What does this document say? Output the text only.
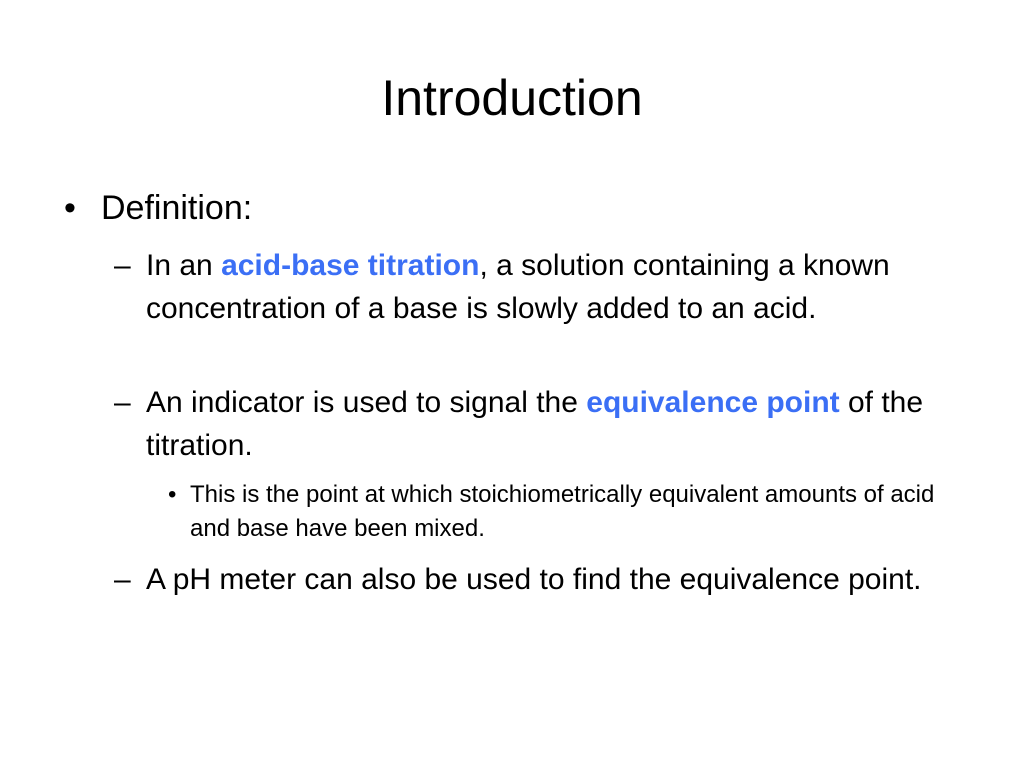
Introduction
• Definition:
– In an acid-base titration, a solution containing a known concentration of a base is slowly added to an acid.
– An indicator is used to signal the equivalence point of the titration.
• This is the point at which stoichiometrically equivalent amounts of acid and base have been mixed.
– A pH meter can also be used to find the equivalence point.
